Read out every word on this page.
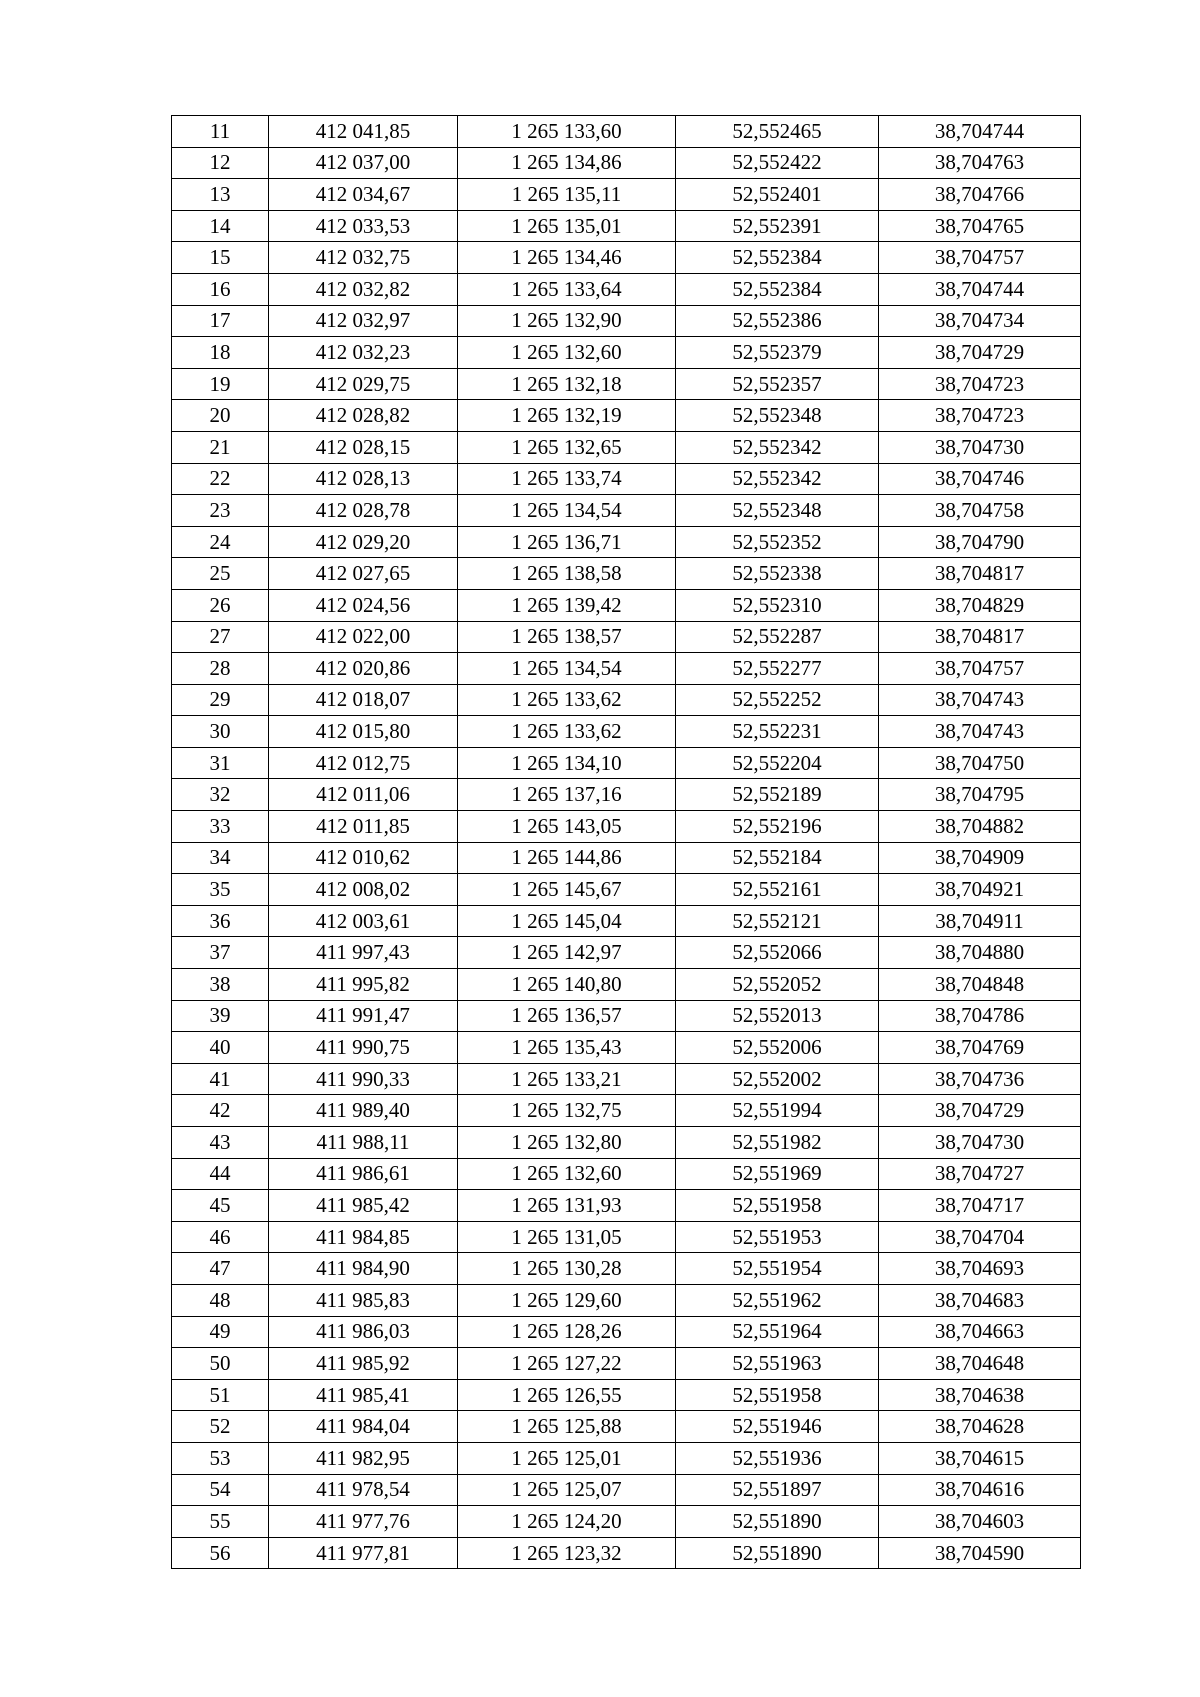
11	412 041,85	1 265 133,60	52,552465	38,704744
12	412 037,00	1 265 134,86	52,552422	38,704763
13	412 034,67	1 265 135,11	52,552401	38,704766
14	412 033,53	1 265 135,01	52,552391	38,704765
15	412 032,75	1 265 134,46	52,552384	38,704757
16	412 032,82	1 265 133,64	52,552384	38,704744
17	412 032,97	1 265 132,90	52,552386	38,704734
18	412 032,23	1 265 132,60	52,552379	38,704729
19	412 029,75	1 265 132,18	52,552357	38,704723
20	412 028,82	1 265 132,19	52,552348	38,704723
21	412 028,15	1 265 132,65	52,552342	38,704730
22	412 028,13	1 265 133,74	52,552342	38,704746
23	412 028,78	1 265 134,54	52,552348	38,704758
24	412 029,20	1 265 136,71	52,552352	38,704790
25	412 027,65	1 265 138,58	52,552338	38,704817
26	412 024,56	1 265 139,42	52,552310	38,704829
27	412 022,00	1 265 138,57	52,552287	38,704817
28	412 020,86	1 265 134,54	52,552277	38,704757
29	412 018,07	1 265 133,62	52,552252	38,704743
30	412 015,80	1 265 133,62	52,552231	38,704743
31	412 012,75	1 265 134,10	52,552204	38,704750
32	412 011,06	1 265 137,16	52,552189	38,704795
33	412 011,85	1 265 143,05	52,552196	38,704882
34	412 010,62	1 265 144,86	52,552184	38,704909
35	412 008,02	1 265 145,67	52,552161	38,704921
36	412 003,61	1 265 145,04	52,552121	38,704911
37	411 997,43	1 265 142,97	52,552066	38,704880
38	411 995,82	1 265 140,80	52,552052	38,704848
39	411 991,47	1 265 136,57	52,552013	38,704786
40	411 990,75	1 265 135,43	52,552006	38,704769
41	411 990,33	1 265 133,21	52,552002	38,704736
42	411 989,40	1 265 132,75	52,551994	38,704729
43	411 988,11	1 265 132,80	52,551982	38,704730
44	411 986,61	1 265 132,60	52,551969	38,704727
45	411 985,42	1 265 131,93	52,551958	38,704717
46	411 984,85	1 265 131,05	52,551953	38,704704
47	411 984,90	1 265 130,28	52,551954	38,704693
48	411 985,83	1 265 129,60	52,551962	38,704683
49	411 986,03	1 265 128,26	52,551964	38,704663
50	411 985,92	1 265 127,22	52,551963	38,704648
51	411 985,41	1 265 126,55	52,551958	38,704638
52	411 984,04	1 265 125,88	52,551946	38,704628
53	411 982,95	1 265 125,01	52,551936	38,704615
54	411 978,54	1 265 125,07	52,551897	38,704616
55	411 977,76	1 265 124,20	52,551890	38,704603
56	411 977,81	1 265 123,32	52,551890	38,704590
